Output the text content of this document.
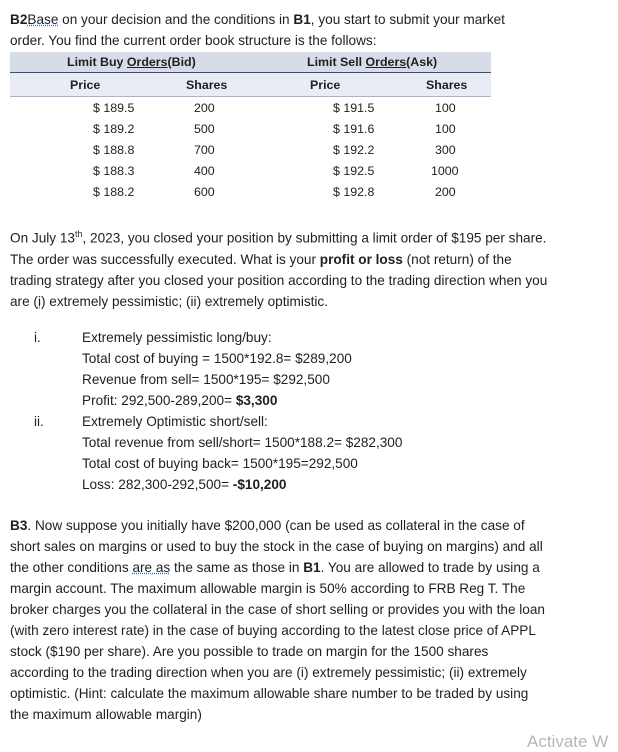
B2Base on your decision and the conditions in B1, you start to submit your market
order. You find the current order book structure is the follows:
Limit Buy Orders(Bid)	Limit Sell Orders(Ask)
Price	Shares	Price	Shares
$ 189.5	200	$ 191.5	100
$ 189.2	500	$ 191.6	100
$ 188.8	700	$ 192.2	300
$ 188.3	400	$ 192.5	1000
$ 188.2	600	$ 192.8	200
On July 13th, 2023, you closed your position by submitting a limit order of $195 per share.
The order was successfully executed. What is your profit or loss (not return) of the
trading strategy after you closed your position according to the trading direction when you
are (i) extremely pessimistic; (ii) extremely optimistic.
i.
ii.
Extremely pessimistic long/buy:
Total cost of buying = 1500*192.8= $289,200
Revenue from sell= 1500*195= $292,500
Profit: 292,500-289,200= $3,300
Extremely Optimistic short/sell:
Total revenue from sell/short= 1500*188.2= $282,300
Total cost of buying back= 1500*195=292,500
Loss: 282,300-292,500= -$10,200
B3. Now suppose you initially have $200,000 (can be used as collateral in the case of
short sales on margins or used to buy the stock in the case of buying on margins) and all
the other conditions are as the same as those in B1. You are allowed to trade by using a
margin account. The maximum allowable margin is 50% according to FRB Reg T. The
broker charges you the collateral in the case of short selling or provides you with the loan
(with zero interest rate) in the case of buying according to the latest close price of APPL
stock ($190 per share). Are you possible to trade on margin for the 1500 shares
according to the trading direction when you are (i) extremely pessimistic; (ii) extremely
optimistic. (Hint: calculate the maximum allowable share number to be traded by using
the maximum allowable margin)
Activate W
